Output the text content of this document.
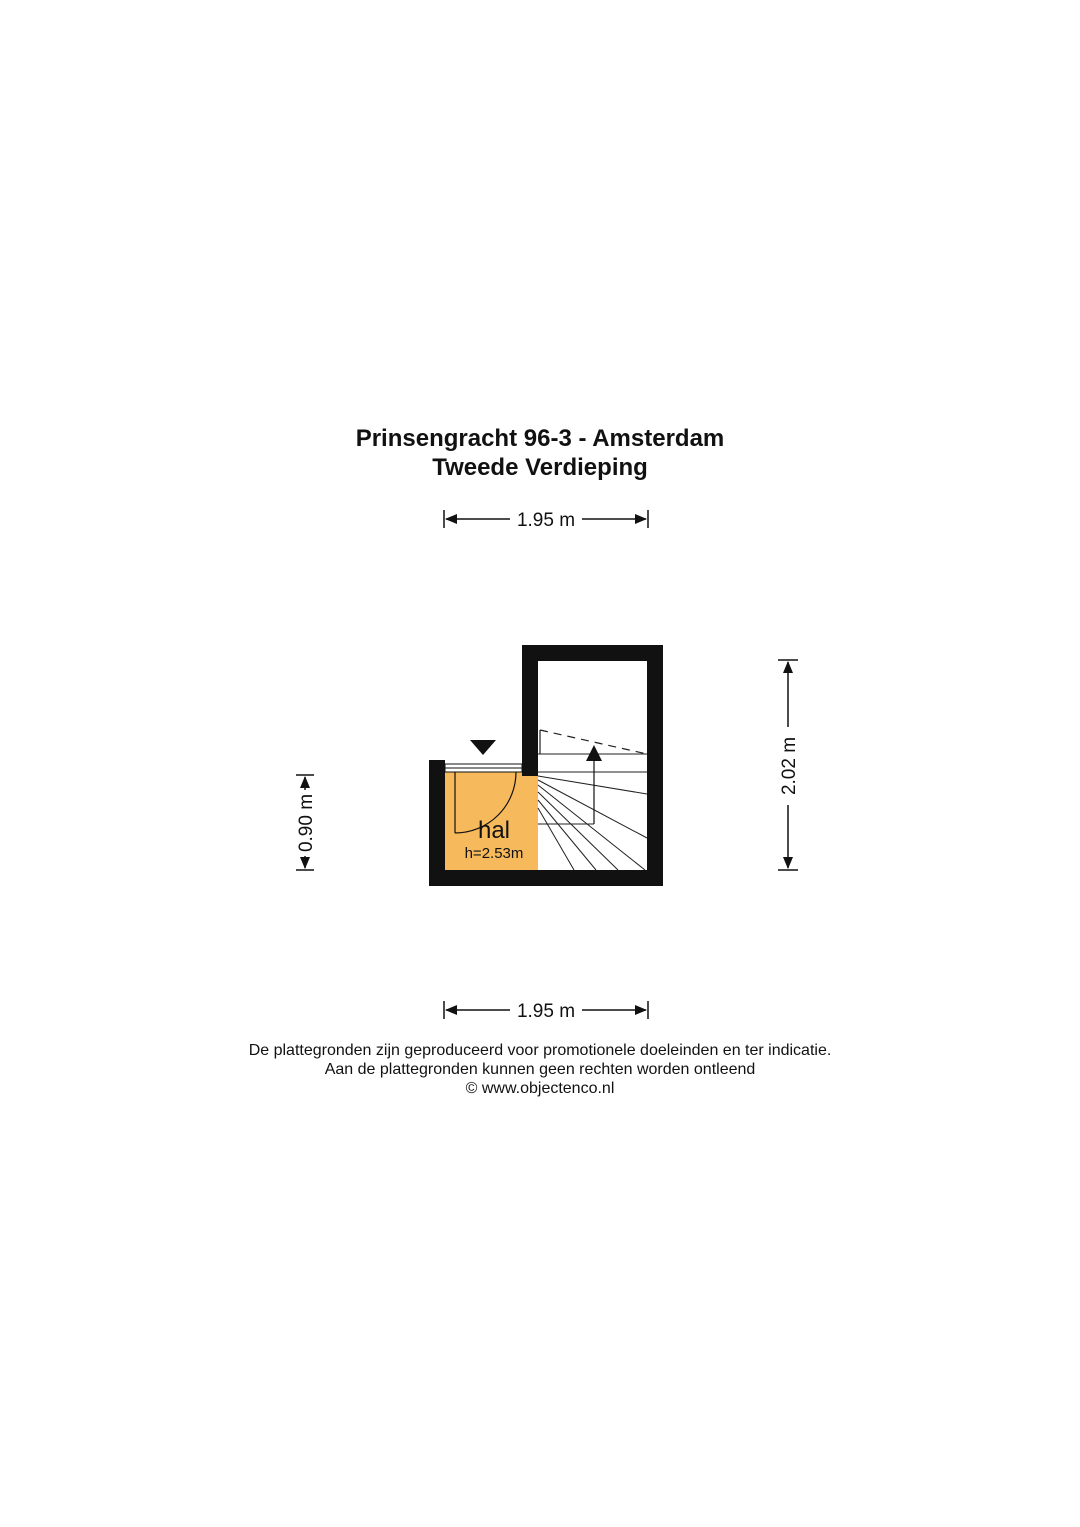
Prinsengracht 96-3 - Amsterdam
Tweede Verdieping
1.95 m
1.95 m
0.90 m
2.02 m
hal
h=2.53m
De plattegronden zijn geproduceerd voor promotionele doeleinden en ter indicatie.
Aan de plattegronden kunnen geen rechten worden ontleend
© www.objectenco.nl
